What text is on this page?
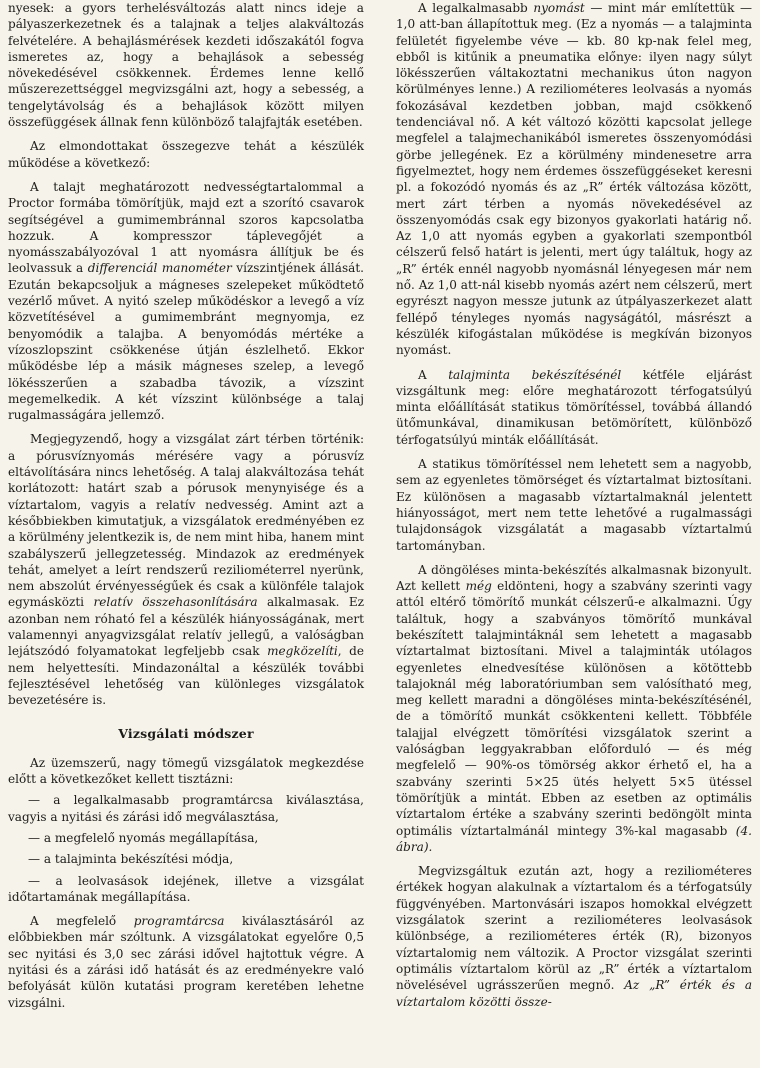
nyesek: a gyors terhelésváltozás alatt nincs ideje a pályaszerkezetnek és a talajnak a teljes alakváltozás felvételére. A behajlásmérések kezdeti időszakától fogva ismeretes az, hogy a behajlások a sebesség növekedésével csökkennek. Érdemes lenne kellő műszerezettséggel megvizsgálni azt, hogy a sebesség, a tengelytávolság és a behajlások között milyen összefüggések állnak fenn különböző talajfajták esetében.

Az elmondottakat összegezve tehát a készülék működése a következő:

A talajt meghatározott nedvességtartalommal a Proctor formába tömörítjük, majd ezt a szorító csavarok segítségével a gumimembránnal szoros kapcsolatba hozzuk. A kompresszor táplevegőjét a nyomásszabályozóval 1 att nyomásra állítjuk be és leolvassuk a differenciál manométer vízszintjének állását. Ezután bekapcsoljuk a mágneses szelepeket működtető vezérlő művet. A nyitó szelep működéskor a levegő a víz közvetítésével a gumimembránt megnyomja, ez benyomódik a talajba. A benyomódás mértéke a vízoszlopszint csökkenése útján észlelhető. Ekkor működésbe lép a másik mágneses szelep, a levegő lökésszerűen a szabadba távozik, a vízszint megemelkedik. A két vízszint különbsége a talaj rugalmasságára jellemző.

Megjegyzendő, hogy a vizsgálat zárt térben történik: a pórusvíznyomás mérésére vagy a pórusvíz eltávolítására nincs lehetőség. A talaj alakváltozása tehát korlátozott: határt szab a pórusok menynyisége és a víztartalom, vagyis a relatív nedvesség. Amint azt a későbbiekben kimutatjuk, a vizsgálatok eredményében ez a körülmény jelentkezik is, de nem mint hiba, hanem mint szabályszerű jellegzetesség. Mindazok az eredmények tehát, amelyet a leírt rendszerű reziliométerrel nyerünk, nem abszolút érvényességűek és csak a különféle talajok egymásközti relatív összehasonlítására alkalmasak. Ez azonban nem róható fel a készülék hiányosságának, mert valamennyi anyagvizsgálat relatív jellegű, a valóságban lejátszódó folyamatokat legfeljebb csak megközelíti, de nem helyettesíti. Mindazonáltal a készülék további fejlesztésével lehetőség van különleges vizsgálatok bevezetésére is.

Vizsgálati módszer

Az üzemszerű, nagy tömegű vizsgálatok megkezdése előtt a következőket kellett tisztázni:

— a legalkalmasabb programtárcsa kiválasztása, vagyis a nyitási és zárási idő megválasztása,

— a megfelelő nyomás megállapítása,

— a talajminta bekészítési módja,

— a leolvasások idejének, illetve a vizsgálat időtartamának megállapítása.

A megfelelő programtárcsa kiválasztásáról az előbbiekben már szóltunk. A vizsgálatokat egyelőre 0,5 sec nyitási és 3,0 sec zárási idővel hajtottuk végre. A nyitási és a zárási idő hatását és az eredményekre való befolyását külön kutatási program keretében lehetne vizsgálni.

A legalkalmasabb nyomást — mint már említettük — 1,0 att-ban állapítottuk meg. (Ez a nyomás — a talajminta felületét figyelembe véve — kb. 80 kp-nak felel meg, ebből is kitűnik a pneumatika előnye: ilyen nagy súlyt lökésszerűen váltakoztatni mechanikus úton nagyon körülményes lenne.) A reziliométeres leolvasás a nyomás fokozásával kezdetben jobban, majd csökkenő tendenciával nő. A két változó közötti kapcsolat jellege megfelel a talajmechanikából ismeretes összenyomódási görbe jellegének. Ez a körülmény mindenesetre arra figyelmeztet, hogy nem érdemes összefüggéseket keresni pl. a fokozódó nyomás és az „R” érték változása között, mert zárt térben a nyomás növekedésével az összenyomódás csak egy bizonyos gyakorlati határig nő. Az 1,0 att nyomás egyben a gyakorlati szempontból célszerű felső határt is jelenti, mert úgy találtuk, hogy az „R” érték ennél nagyobb nyomásnál lényegesen már nem nő. Az 1,0 att-nál kisebb nyomás azért nem célszerű, mert egyrészt nagyon messze jutunk az útpályaszerkezet alatt fellépő tényleges nyomás nagyságától, másrészt a készülék kifogástalan működése is megkíván bizonyos nyomást.

A talajminta bekészítésénél kétféle eljárást vizsgáltunk meg: előre meghatározott térfogatsúlyú minta előállítását statikus tömörítéssel, továbbá állandó ütőmunkával, dinamikusan betömörített, különböző térfogatsúlyú minták előállítását.

A statikus tömörítéssel nem lehetett sem a nagyobb, sem az egyenletes tömörséget és víztartalmat biztosítani. Ez különösen a magasabb víztartalmaknál jelentett hiányosságot, mert nem tette lehetővé a rugalmassági tulajdonságok vizsgálatát a magasabb víztartalmú tartományban.

A döngöléses minta-bekészítés alkalmasnak bizonyult. Azt kellett még eldönteni, hogy a szabvány szerinti vagy attól eltérő tömörítő munkát célszerű-e alkalmazni. Úgy találtuk, hogy a szabványos tömörítő munkával bekészített talajmintáknál sem lehetett a magasabb víztartalmat biztosítani. Mivel a talajminták utólagos egyenletes elnedvesítése különösen a kötöttebb talajoknál még laboratóriumban sem valósítható meg, meg kellett maradni a döngöléses minta-bekészítésénél, de a tömörítő munkát csökkenteni kellett. Többféle talajjal elvégzett tömörítési vizsgálatok szerint a valóságban leggyakrabban előforduló — és még megfelelő — 90%-os tömörség akkor érhető el, ha a szabvány szerinti 5×25 ütés helyett 5×5 ütéssel tömörítjük a mintát. Ebben az esetben az optimális víztartalom értéke a szabvány szerinti bedöngölt minta optimális víztartalmánál mintegy 3%-kal magasabb (4. ábra).

Megvizsgáltuk ezután azt, hogy a reziliométeres értékek hogyan alakulnak a víztartalom és a térfogatsúly függvényében. Martonvásári iszapos homokkal elvégzett vizsgálatok szerint a reziliométeres leolvasások különbsége, a reziliométeres érték (R), bizonyos víztartalomig nem változik. A Proctor vizsgálat szerinti optimális víztartalom körül az „R” érték a víztartalom növelésével ugrásszerűen megnő. Az „R” érték és a víztartalom közötti össze-
